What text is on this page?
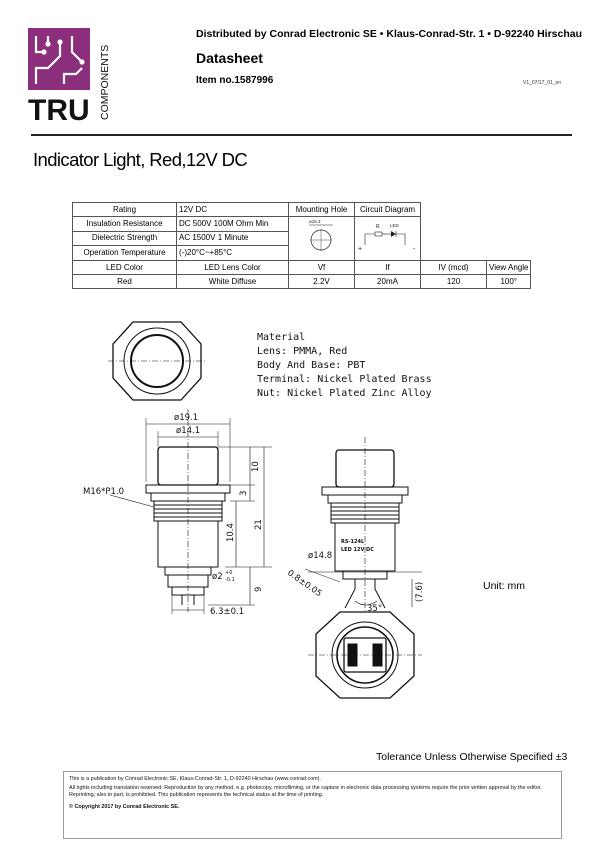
TRU COMPONENTS
Distributed by Conrad Electronic SE • Klaus-Conrad-Str. 1 • D-92240 Hirschau
Datasheet
Item no.1587996	V1_07/17_01_en
Indicator Light, Red,12V DC
Rating	12V DC	Mounting Hole	Circuit Diagram		
Insulation Resistance	DC 500V 100M Ohm Min	ø16.3	R LED
+ -		

Dielectric Strength	AC 1500V 1 Minute				
Operation Temperature	(-)20°C~+85°C				
LED Color	LED Lens Color	Vf	If	IV (mcd)	View Angle
Red	White Diffuse	2.2V	20mA	120	100°
Material
Lens: PMMA, Red
Body And Base: PBT
Terminal: Nickel Plated Brass
Nut: Nickel Plated Zinc Alloy
ø19.1
ø14.1
M16*P1.0
10
3
10.4 21
9
ø2 +0
-0.1
6.3±0.1
ø14.8
0.8±0.05	(7.6)
35°
RS-124L
LED 12V DC
Unit: mm
Tolerance Unless Otherwise Specified ±3

This is a publication by Conrad Electronic SE, Klaus-Conrad-Str. 1, D-92240 Hirschau (www.conrad.com).

All rights including translation reserved. Reproduction by any method, e.g. photocopy, microfilming, or the capture in electronic data processing systems require the prior written approval by the editor. Reprinting, also in part, is prohibited. This publication represents the technical status at the time of printing.

© Copyright 2017 by Conrad Electronic SE.
